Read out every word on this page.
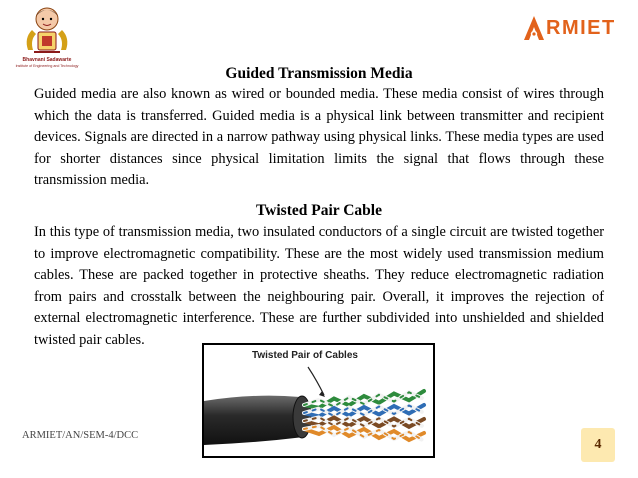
Bhavnani Sadawarte
Institute of Engineering and Technology
RMIET
Guided Transmission Media

Guided media are also known as wired or bounded media. These media consist of wires through which the data is transferred. Guided media is a physical link between transmitter and recipient devices. Signals are directed in a narrow pathway using physical links. These media types are used for shorter distances since physical limitation limits the signal that flows through these transmission media.

Twisted Pair Cable

In this type of transmission media, two insulated conductors of a single circuit are twisted together to improve electromagnetic compatibility. These are the most widely used transmission medium cables. These are packed together in protective sheaths. They reduce electromagnetic radiation from pairs and crosstalk between the neighbouring pair. Overall, it improves the rejection of external electromagnetic interference. These are further subdivided into unshielded and shielded twisted pair cables.

Twisted Pair of Cables
ARMIET/AN/SEM-4/DCC
4
